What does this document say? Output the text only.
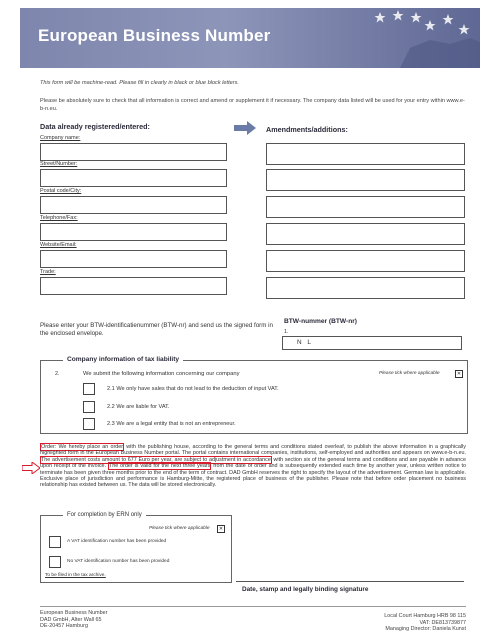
European Business Number
This form will be machine-read. Please fill in clearly in black or blue block letters.
Please be absolutely sure to check that all information is correct and amend or supplement it if necessary. The company data listed will be used for your entry within www.e-b-n.eu.
Data already registered/entered:	Amendments/additions:
Company name:
Street/Number:
Postal code/City:
Telephone/Fax:
Website/Email:
Trade:
Please enter your BTW-identificatienummer (BTW-nr) and send us the signed form in the enclosed envelope.
BTW-nummer (BTW-nr)
1.
N L
Company information of tax liability
2.	We submit the following information concerning our company	Please tick where applicable	✕
2.1 We only have sales that do not lead to the deduction of input VAT.
2.2 We are liable for VAT.
2.3 We are a legal entity that is not an entrepreneur.
Order: We hereby place an order with the publishing house, according to the general terms and conditions stated overleaf, to publish the above information in a graphically highlighted form in the European Business Number portal. The portal contains international companies, institutions, self-employed and authorities and appears on www.e-b-n.eu. The advertisement costs amount to 677 Euro per year, are subject to adjustment in accordance with section six of the general terms and conditions and are payable in advance upon receipt of the invoice. The order is valid for the next three years from the date of order and is subsequently extended each time by another year, unless written notice to terminate has been given three months prior to the end of the term of contract. DAD GmbH reserves the right to specify the layout of the advertisement. German law is applicable. Exclusive place of jurisdiction and performance is Hamburg-Mitte, the registered place of business of the publisher. Please note that before order placement no business relationship has existed between us. The data will be stored electronically.
For completion by ERN only
Please tick where applicable	✕
A VAT identification number has been provided
No VAT identification number has been provided
To be filed in the tax archive.
Date, stamp and legally binding signature
European Business Number
DAD GmbH, Alter Wall 65
DE-20457 Hamburg
Local Court Hamburg HRB 98 115
VAT: DE813739877
Managing Director: Daniela Kunst
